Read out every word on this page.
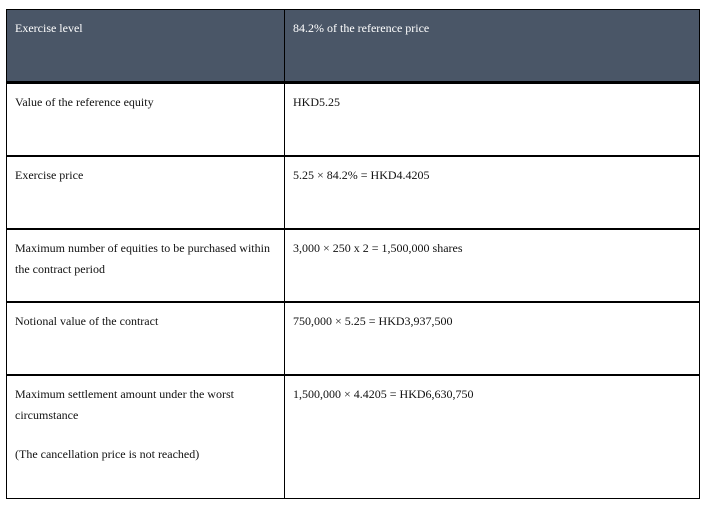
Exercise level	84.2% of the reference price
Value of the reference equity	HKD5.25
Exercise price	5.25 × 84.2% = HKD4.4205

Maximum number of equities to be purchased within
the contract period	3,000 × 250 x 2 = 1,500,000 shares
Notional value of the contract	750,000 × 5.25 = HKD3,937,500

Maximum settlement amount under the worst
circumstance
(The cancellation price is not reached)	1,500,000 × 4.4205 = HKD6,630,750
